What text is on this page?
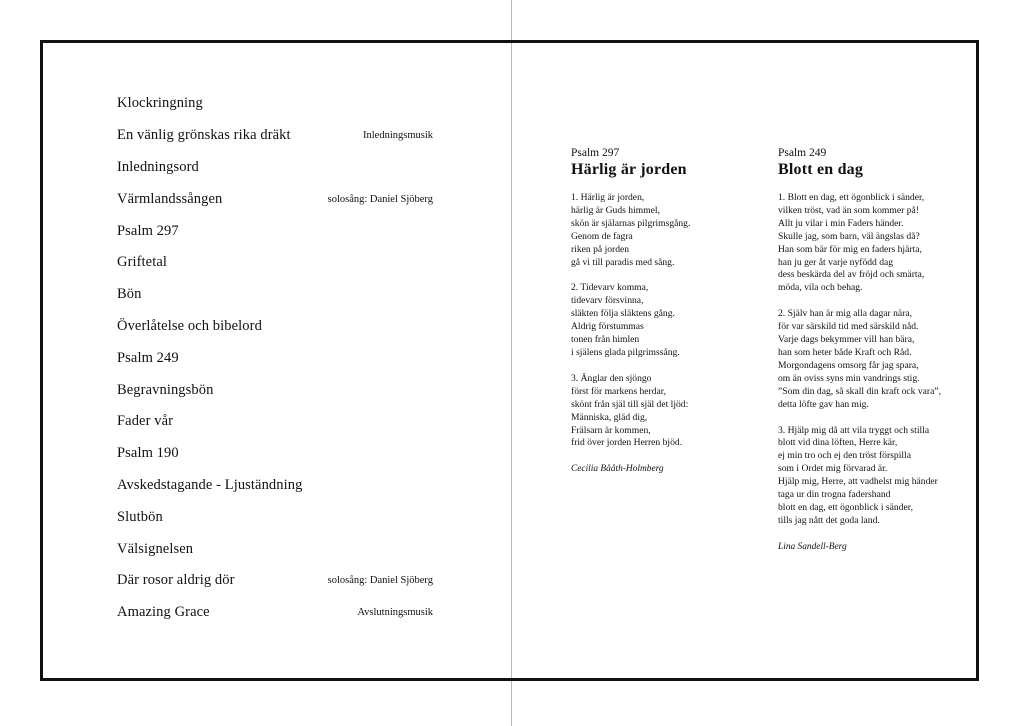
Klockringning
En vänlig grönskas rika dräkt	Inledningsmusik
Inledningsord
Värmlandssången	solosång: Daniel Sjöberg
Psalm 297
Griftetal
Bön
Överlåtelse och bibelord
Psalm 249
Begravningsbön
Fader vår
Psalm 190
Avskedstagande - Ljuständning
Slutbön
Välsignelsen
Där rosor aldrig dör	solosång: Daniel Sjöberg
Amazing Grace	Avslutningsmusik
Psalm 297
Härlig är jorden
1. Härlig är jorden,
härlig är Guds himmel,
skön är själarnas pilgrimsgång.
Genom de fagra
riken på jorden
gå vi till paradis med sång.
2. Tidevarv komma,
tidevarv försvinna,
släkten följa släktens gång.
Aldrig förstummas
tonen från himlen
i själens glada pilgrimssång.
3. Änglar den sjöngo
först för markens herdar,
skönt från själ till själ det ljöd:
Människa, gläd dig,
Frälsarn är kommen,
frid över jorden Herren bjöd.
Cecilia Bååth-Holmberg
Psalm 249
Blott en dag
1. Blott en dag, ett ögonblick i sänder,
vilken tröst, vad än som kommer på!
Allt ju vilar i min Faders händer.
Skulle jag, som barn, väl ängslas då?
Han som bär för mig en faders hjärta,
han ju ger åt varje nyfödd dag
dess beskärda del av fröjd och smärta,
möda, vila och behag.
2. Själv han är mig alla dagar nära,
för var särskild tid med särskild nåd.
Varje dags bekymmer vill han bära,
han som heter både Kraft och Råd.
Morgondagens omsorg får jag spara,
om än oviss syns min vandrings stig.
”Som din dag, så skall din kraft ock vara”,
detta löfte gav han mig.
3. Hjälp mig då att vila tryggt och stilla
blott vid dina löften, Herre kär,
ej min tro och ej den tröst förspilla
som i Ordet mig förvarad är.
Hjälp mig, Herre, att vadhelst mig händer
taga ur din trogna fadershand
blott en dag, ett ögonblick i sänder,
tills jag nått det goda land.
Lina Sandell-Berg
